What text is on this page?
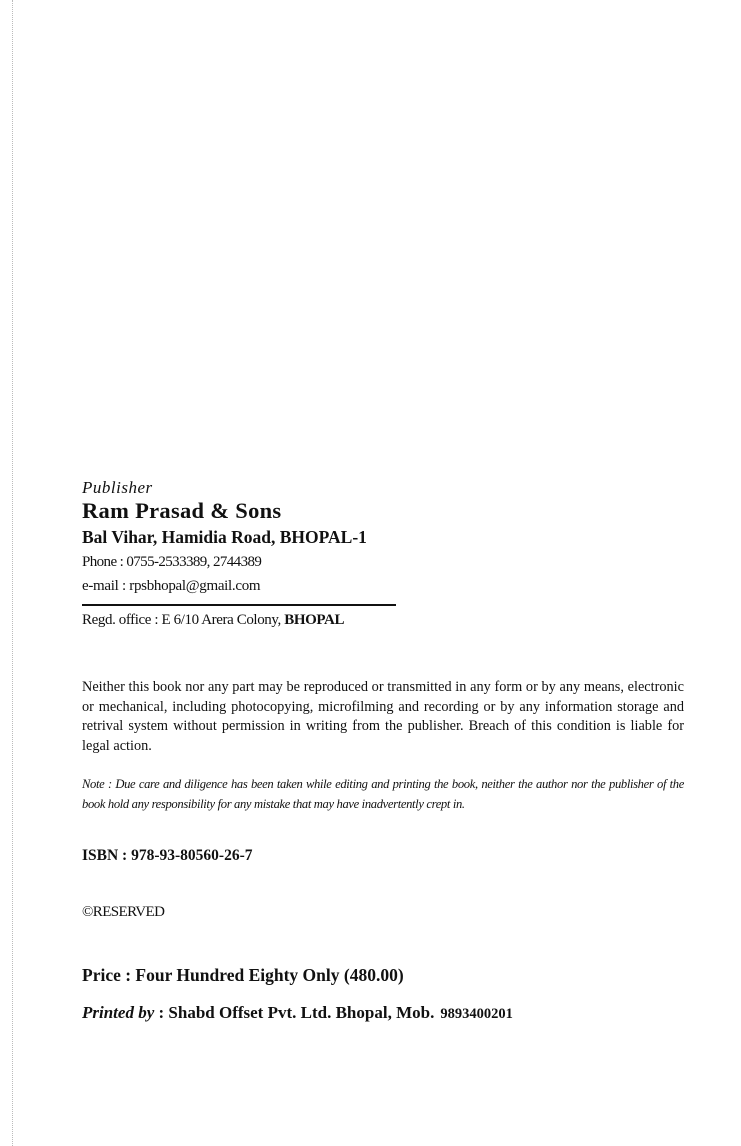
Publisher
Ram Prasad & Sons
Bal Vihar, Hamidia Road, BHOPAL-1
Phone : 0755-2533389, 2744389
e-mail : rpsbhopal@gmail.com
Regd. office : E 6/10 Arera Colony, BHOPAL
Neither this book nor any part may be reproduced or transmitted in any form or by any means, electronic or mechanical, including photocopying, microfilming and recording or by any information storage and retrival system without permission in writing from the publisher. Breach of this condition is liable for legal action.
Note : Due care and diligence has been taken while editing and printing the book, neither the author nor the publisher of the book hold any responsibility for any mistake that may have inadvertently crept in.
ISBN : 978-93-80560-26-7
©RESERVED
Price : Four Hundred Eighty Only (480.00)
Printed by : Shabd Offset Pvt. Ltd. Bhopal, Mob. 9893400201
